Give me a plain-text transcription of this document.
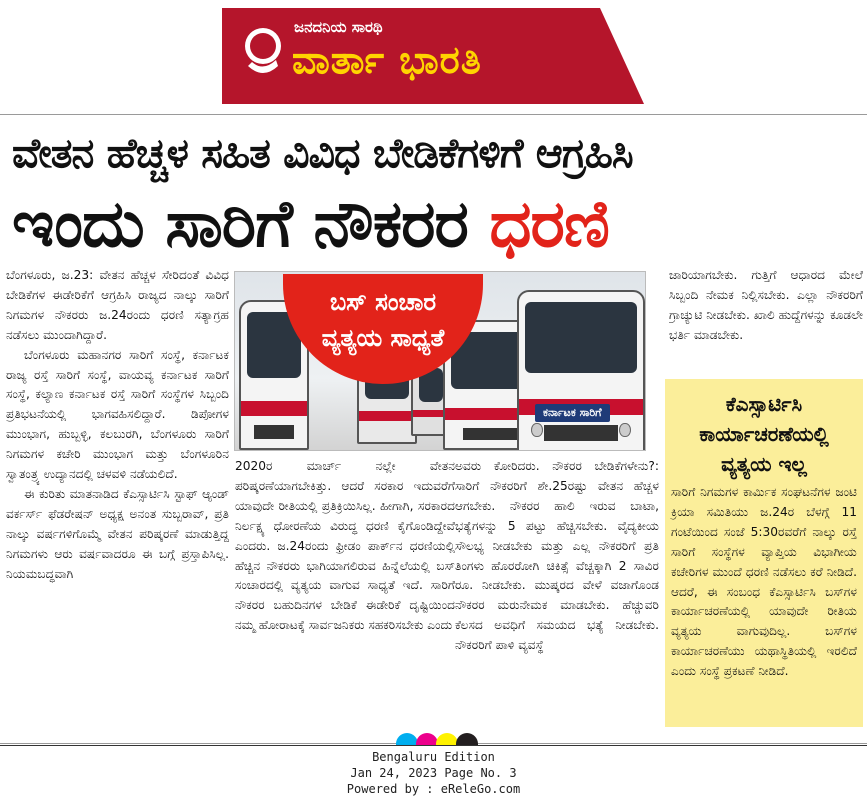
ಜನದನಿಯ ಸಾರಥಿ
ವಾರ್ತಾ ಭಾರತಿ
ವೇತನ ಹೆಚ್ಚಳ ಸಹಿತ ವಿವಿಧ ಬೇಡಿಕೆಗಳಿಗೆ ಆಗ್ರಹಿಸಿ
ಇಂದು ಸಾರಿಗೆ ನೌಕರರ ಧರಣಿ

ಬೆಂಗಳೂರು, ಜ.23: ವೇತನ ಹೆಚ್ಚಳ ಸೇರಿದಂತೆ ವಿವಿಧ ಬೇಡಿಕೆಗಳ ಈಡೇರಿಕೆಗೆ ಆಗ್ರಹಿಸಿ ರಾಜ್ಯದ ನಾಲ್ಕು ಸಾರಿಗೆ ನಿಗಮಗಳ ನೌಕರರು ಜ.24ರಂದು ಧರಣಿ ಸತ್ಯಾಗ್ರಹ ನಡೆಸಲು ಮುಂದಾಗಿದ್ದಾರೆ.

ಬೆಂಗಳೂರು ಮಹಾನಗರ ಸಾರಿಗೆ ಸಂಸ್ಥೆ, ಕರ್ನಾಟಕ ರಾಜ್ಯ ರಸ್ತೆ ಸಾರಿಗೆ ಸಂಸ್ಥೆ, ವಾಯವ್ಯ ಕರ್ನಾಟಕ ಸಾರಿಗೆ ಸಂಸ್ಥೆ, ಕಲ್ಯಾಣ ಕರ್ನಾಟಕ ರಸ್ತೆ ಸಾರಿಗೆ ಸಂಸ್ಥೆಗಳ ಸಿಬ್ಬಂದಿ ಪ್ರತಿಭಟನೆಯಲ್ಲಿ ಭಾಗವಹಿಸಲಿದ್ದಾರೆ. ಡಿಪೋಗಳ ಮುಂಭಾಗ, ಹುಬ್ಬಳ್ಳಿ, ಕಲಬುರಗಿ, ಬೆಂಗಳೂರು ಸಾರಿಗೆ ನಿಗಮಗಳ ಕಚೇರಿ ಮುಂಭಾಗ ಮತ್ತು ಬೆಂಗಳೂರಿನ ಸ್ವಾತಂತ್ರ್ಯ ಉದ್ಯಾನದಲ್ಲಿ ಚಳವಳಿ ನಡೆಯಲಿದೆ.

ಈ ಕುರಿತು ಮಾತನಾಡಿದ ಕೆಎಸ್ಸಾರ್ಟಿಸಿ ಸ್ಟಾಫ್ ಆ್ಯಂಡ್ ವರ್ಕರ್ಸ್ ಫೆಡರೇಷನ್ ಅಧ್ಯಕ್ಷ ಅನಂತ ಸುಬ್ಬರಾವ್, ಪ್ರತಿ ನಾಲ್ಕು ವರ್ಷಗಳಿಗೊಮ್ಮೆ ವೇತನ ಪರಿಷ್ಕರಣೆ ಮಾಡುತ್ತಿದ್ದ ನಿಗಮಗಳು ಆರು ವರ್ಷವಾದರೂ ಈ ಬಗ್ಗೆ ಪ್ರಸ್ತಾಪಿಸಿಲ್ಲ. ನಿಯಮಬದ್ಧವಾಗಿ

ಕರ್ನಾಟಕ ಸಾರಿಗೆ
ಬಸ್ ಸಂಚಾರ
ವ್ಯತ್ಯಯ ಸಾಧ್ಯತೆ

2020ರ ಮಾರ್ಚ್ ನಲ್ಲೇ ವೇತನ ಪರಿಷ್ಕರಣೆಯಾಗಬೇಕಿತ್ತು. ಆದರೆ ಸರಕಾರ ಇದುವರೆಗೆ ಯಾವುದೇ ರೀತಿಯಲ್ಲಿ ಪ್ರತಿಕ್ರಿಯಿಸಿಲ್ಲ. ಹೀಗಾಗಿ, ಸರಕಾರದ ನಿರ್ಲಕ್ಷ್ಯ ಧೋರಣೆಯ ವಿರುದ್ಧ ಧರಣಿ ಕೈಗೊಂಡಿದ್ದೇವೆ ಎಂದರು. ಜ.24ರಂದು ಫ್ರೀಡಂ ಪಾರ್ಕ್‌ನ ಧರಣಿಯಲ್ಲಿ ಹೆಚ್ಚಿನ ನೌಕರರು ಭಾಗಿಯಾಗಲಿರುವ ಹಿನ್ನೆಲೆಯಲ್ಲಿ ಬಸ್ ಸಂಚಾರದಲ್ಲಿ ವ್ಯತ್ಯಯ ವಾಗುವ ಸಾಧ್ಯತೆ ಇದೆ. ಸಾರಿಗೆ ನೌಕರರ ಬಹುದಿನಗಳ ಬೇಡಿಕೆ ಈಡೇರಿಕೆ ದೃಷ್ಟಿಯಿಂದ ನಮ್ಮ ಹೋರಾಟಕ್ಕೆ ಸಾರ್ವಜನಿಕರು ಸಹಕರಿಸಬೇಕು ಎಂದು

ಅವರು ಕೋರಿದರು. ನೌಕರರ ಬೇಡಿಕೆಗಳೇನು?: ಸಾರಿಗೆ ನೌಕರರಿಗೆ ಶೇ.25ರಷ್ಟು ವೇತನ ಹೆಚ್ಚಳ ಆಗಬೇಕು. ನೌಕರರ ಹಾಲಿ ಇರುವ ಬಾಟಾ, ಭತ್ಯೆಗಳನ್ನು 5 ಪಟ್ಟು ಹೆಚ್ಚಿಸಬೇಕು. ವೈದ್ಯಕೀಯ ಸೌಲಭ್ಯ ನೀಡಬೇಕು ಮತ್ತು ಎಲ್ಲ ನೌಕರರಿಗೆ ಪ್ರತಿ ತಿಂಗಳು ಹೊರರೋಗಿ ಚಿಕಿತ್ಸೆ ವೆಚ್ಚಕ್ಕಾಗಿ 2 ಸಾವಿರ ರೂ. ನೀಡಬೇಕು. ಮುಷ್ಕರದ ವೇಳೆ ವಜಾಗೊಂಡ ನೌಕರರ ಮರುನೇಮಕ ಮಾಡಬೇಕು. ಹೆಚ್ಚುವರಿ ಕೆಲಸದ ಅವಧಿಗೆ ಸಮಯದ ಭತ್ಯೆ ನೀಡಬೇಕು. ನೌಕರರಿಗೆ ಪಾಳಿ ವ್ಯವಸ್ಥೆ

ಜಾರಿಯಾಗಬೇಕು. ಗುತ್ತಿಗೆ ಆಧಾರದ ಮೇಲೆ ಸಿಬ್ಬಂದಿ ನೇಮಕ ನಿಲ್ಲಿಸಬೇಕು. ಎಲ್ಲಾ ನೌಕರರಿಗೆ ಗ್ರಾಚ್ಯುಟಿ ನೀಡಬೇಕು. ಖಾಲಿ ಹುದ್ದೆಗಳನ್ನು ಕೂಡಲೇ ಭರ್ತಿ ಮಾಡಬೇಕು.

ಕೆಎಸ್ಸಾರ್ಟಿಸಿ
ಕಾರ್ಯಾಚರಣೆಯಲ್ಲಿ
ವ್ಯತ್ಯಯ ಇಲ್ಲ
ಸಾರಿಗೆ ನಿಗಮಗಳ ಕಾರ್ಮಿಕ ಸಂಘಟನೆಗಳ ಜಂಟಿ ಕ್ರಿಯಾ ಸಮಿತಿಯು ಜ.24ರ ಬೆಳಗ್ಗೆ 11 ಗಂಟೆಯಿಂದ ಸಂಜೆ 5:30ರವರೆಗೆ ನಾಲ್ಕು ರಸ್ತೆ ಸಾರಿಗೆ ಸಂಸ್ಥೆಗಳ ವ್ಯಾಪ್ತಿಯ ವಿಭಾಗೀಯ ಕಚೇರಿಗಳ ಮುಂದೆ ಧರಣಿ ನಡೆಸಲು ಕರೆ ನೀಡಿದೆ. ಆದರೆ, ಈ ಸಂಬಂಧ ಕೆಎಸ್ಸಾರ್ಟಿಸಿ ಬಸ್‌ಗಳ ಕಾರ್ಯಾಚರಣೆಯಲ್ಲಿ ಯಾವುದೇ ರೀತಿಯ ವ್ಯತ್ಯಯ ವಾಗುವುದಿಲ್ಲ. ಬಸ್‌ಗಳ ಕಾರ್ಯಾಚರಣೆಯು ಯಥಾಸ್ಥಿತಿಯಲ್ಲಿ ಇರಲಿದೆ ಎಂದು ಸಂಸ್ಥೆ ಪ್ರಕಟಣೆ ನೀಡಿದೆ.
Bengaluru Edition
Jan 24, 2023 Page No. 3
Powered by : eReleGo.com
